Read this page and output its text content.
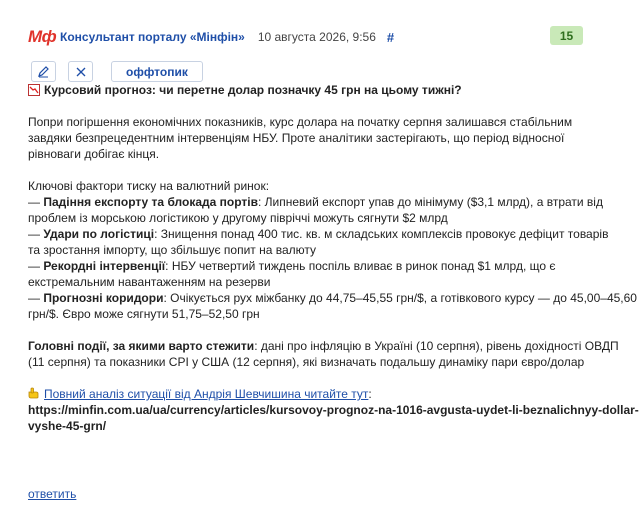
Мф Консультант порталу «Мінфін» 10 августа 2026, 9:56 #	15
оффтопик
Курсовий прогноз: чи перетне долар позначку 45 грн на цьому тижні?
Попри погіршення економічних показників, курс долара на початку серпня залишався стабільним
завдяки безпрецедентним інтервенціям НБУ. Проте аналітики застерігають, що період відносної
рівноваги добігає кінця.
Ключові фактори тиску на валютний ринок:
— Падіння експорту та блокада портів: Липневий експорт упав до мінімуму ($3,1 млрд), а втрати від
проблем із морською логістикою у другому півріччі можуть сягнути $2 млрд
— Удари по логістиці: Знищення понад 400 тис. кв. м складських комплексів провокує дефіцит товарів
та зростання імпорту, що збільшує попит на валюту
— Рекордні інтервенції: НБУ четвертий тиждень поспіль вливає в ринок понад $1 млрд, що є
екстремальним навантаженням на резерви
— Прогнозні коридори: Очікується рух міжбанку до 44,75–45,55 грн/$, а готівкового курсу — до 45,00–45,60
грн/$. Євро може сягнути 51,75–52,50 грн
Головні події, за якими варто стежити: дані про інфляцію в Україні (10 серпня), рівень дохідності ОВДП
(11 серпня) та показники CPI у США (12 серпня), які визначать подальшу динаміку пари євро/долар
Повний аналіз ситуації від Андрія Шевчишина читайте тут:
https://minfin.com.ua/ua/currency/articles/kursovoy-prognoz-na-1016-avgusta-uydet-li-beznalichnyy-dollar-
vyshe-45-grn/
ответить
